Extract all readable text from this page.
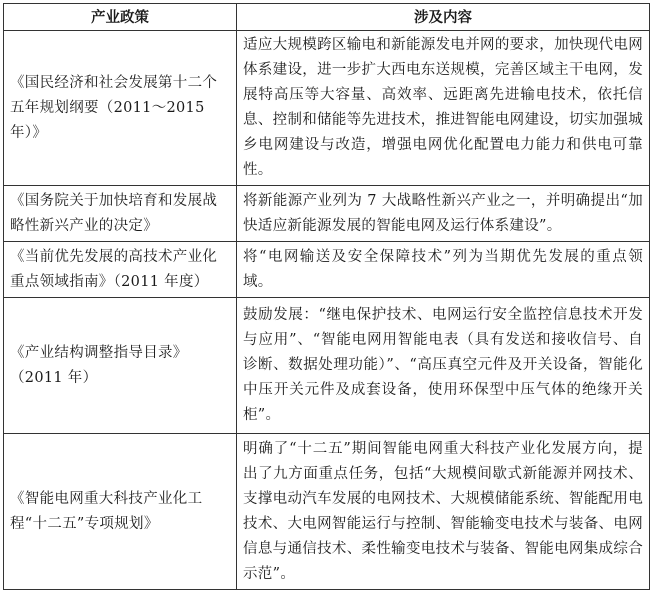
产业政策	涉及内容
《国民经济和社会发展第十二个五年规划纲要（2011～2015年）》	适应大规模跨区输电和新能源发电并网的要求，加快现代电网体系建设，进一步扩大西电东送规模，完善区域主干电网，发展特高压等大容量、高效率、远距离先进输电技术，依托信息、控制和储能等先进技术，推进智能电网建设，切实加强城乡电网建设与改造，增强电网优化配置电力能力和供电可靠性。
《国务院关于加快培育和发展战略性新兴产业的决定》	将新能源产业列为 7 大战略性新兴产业之一，并明确提出“加快适应新能源发展的智能电网及运行体系建设”。
《当前优先发展的高技术产业化重点领域指南》（2011 年度）	将“电网输送及安全保障技术”列为当期优先发展的重点领域。
《产业结构调整指导目录》（2011 年）	鼓励发展：“继电保护技术、电网运行安全监控信息技术开发与应用”、“智能电网用智能电表（具有发送和接收信号、自诊断、数据处理功能）”、“高压真空元件及开关设备，智能化中压开关元件及成套设备，使用环保型中压气体的绝缘开关柜”。
《智能电网重大科技产业化工程“十二五”专项规划》	明确了“十二五”期间智能电网重大科技产业化发展方向，提出了九方面重点任务，包括“大规模间歇式新能源并网技术、支撑电动汽车发展的电网技术、大规模储能系统、智能配用电技术、大电网智能运行与控制、智能输变电技术与装备、电网信息与通信技术、柔性输变电技术与装备、智能电网集成综合示范”。
